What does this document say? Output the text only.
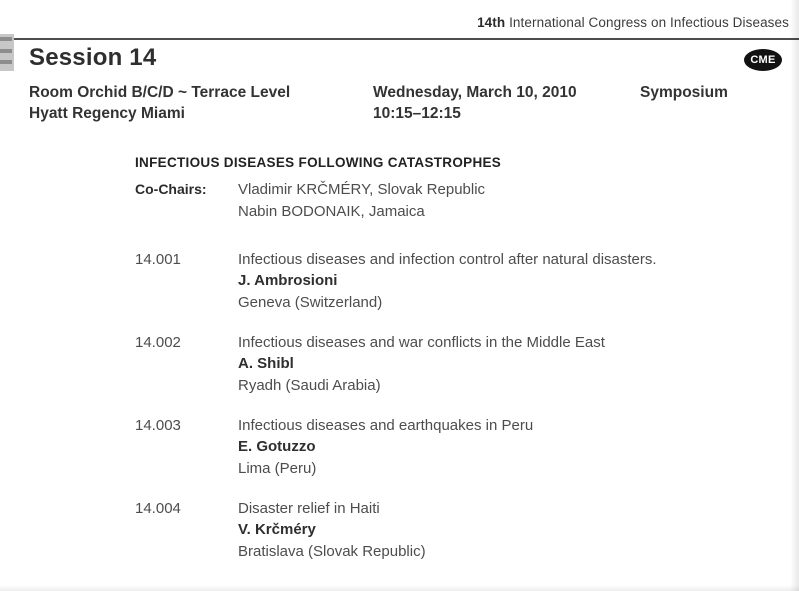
14th International Congress on Infectious Diseases
Session 14	CME
Room Orchid B/C/D ~ Terrace Level
Hyatt Regency Miami
Wednesday, March 10, 2010
10:15–12:15
Symposium
INFECTIOUS DISEASES FOLLOWING CATASTROPHES
Co-Chairs:	Vladimir KRČMÉRY, Slovak Republic
Nabin BODONAIK, Jamaica
14.001	Infectious diseases and infection control after natural disasters.
J. Ambrosioni
Geneva (Switzerland)
14.002	Infectious diseases and war conflicts in the Middle East
A. Shibl
Ryadh (Saudi Arabia)
14.003	Infectious diseases and earthquakes in Peru
E. Gotuzzo
Lima (Peru)
14.004	Disaster relief in Haiti
V. Krčméry
Bratislava (Slovak Republic)
